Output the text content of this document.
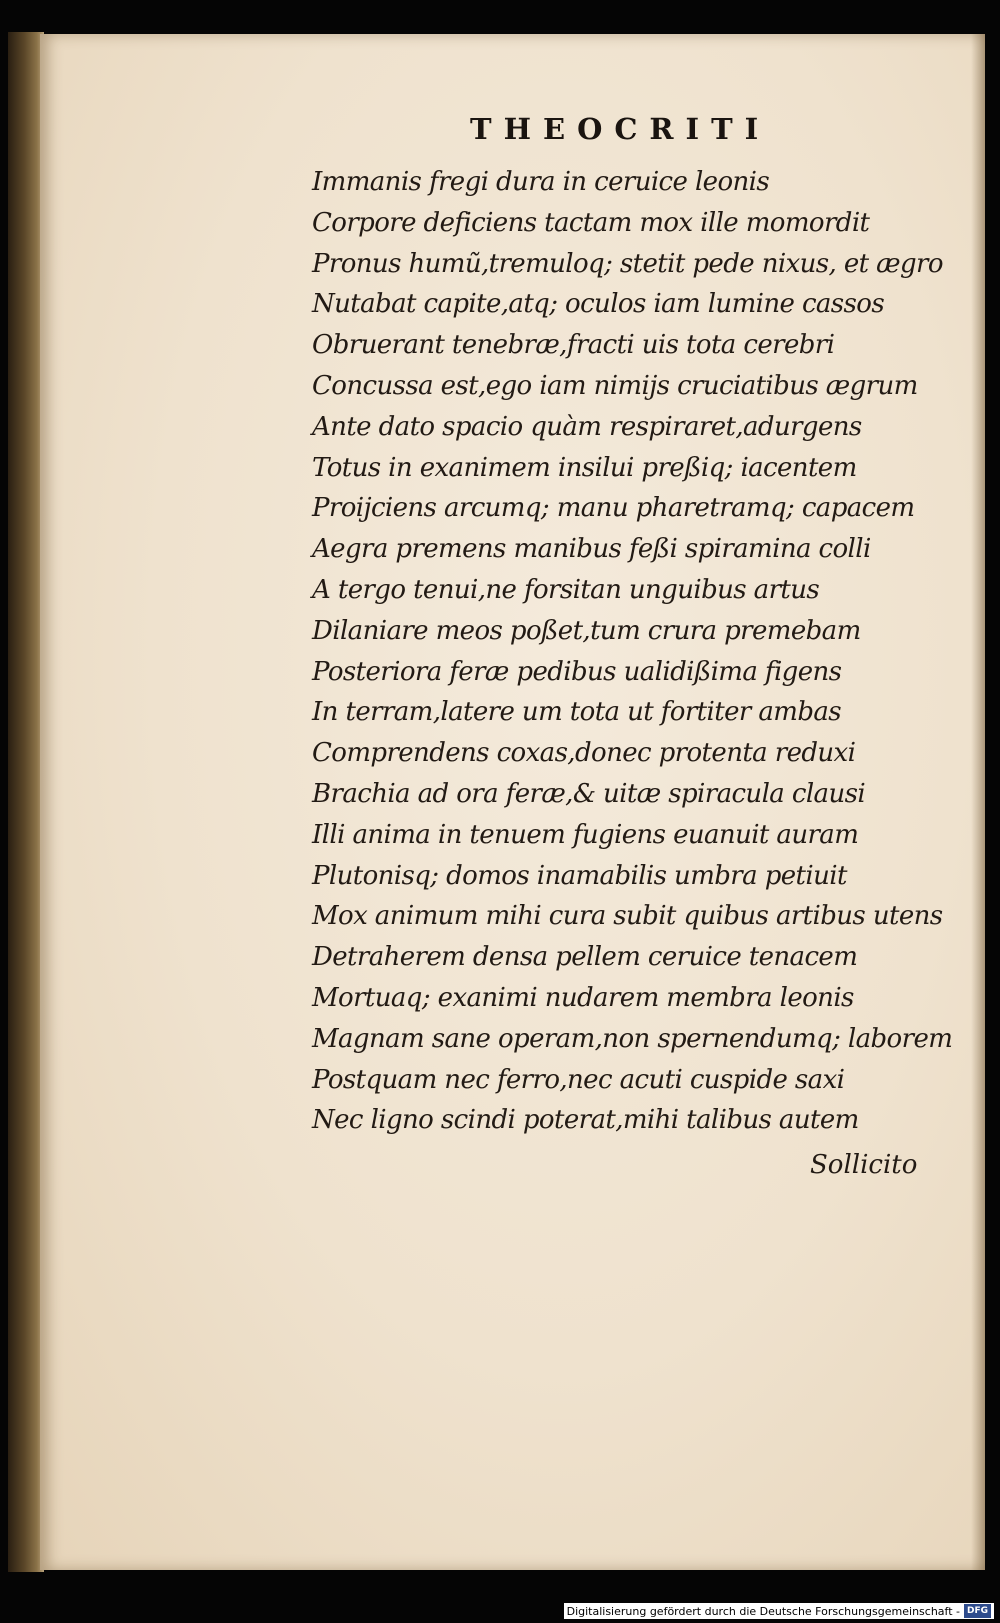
THEOCRITI
Immanis fregi dura in ceruice leonis
Corpore deficiens tactam mox ille momordit
Pronus humũ,tremuloq; stetit pede nixus, et ægro
Nutabat capite,atq; oculos iam lumine cassos
Obruerant tenebræ,fracti uis tota cerebri
Concussa est,ego iam nimijs cruciatibus ægrum
Ante dato spacio quàm respiraret,adurgens
Totus in exanimem insilui preßiq; iacentem
Proijciens arcumq; manu pharetramq; capacem
Aegra premens manibus feßi spiramina colli
A tergo tenui,ne forsitan unguibus artus
Dilaniare meos poßet,tum crura premebam
Posteriora feræ pedibus ualidißima figens
In terram,latere um tota ut fortiter ambas
Comprendens coxas,donec protenta reduxi
Brachia ad ora feræ,& uitæ spiracula clausi
Illi anima in tenuem fugiens euanuit auram
Plutonisq; domos inamabilis umbra petiuit
Mox animum mihi cura subit quibus artibus utens
Detraherem densa pellem ceruice tenacem
Mortuaq; exanimi nudarem membra leonis
Magnam sane operam,non spernendumq; laborem
Postquam nec ferro,nec acuti cuspide saxi
Nec ligno scindi poterat,mihi talibus autem
Sollicito
Digitalisierung gefördert durch die Deutsche Forschungsgemeinschaft - DFG
